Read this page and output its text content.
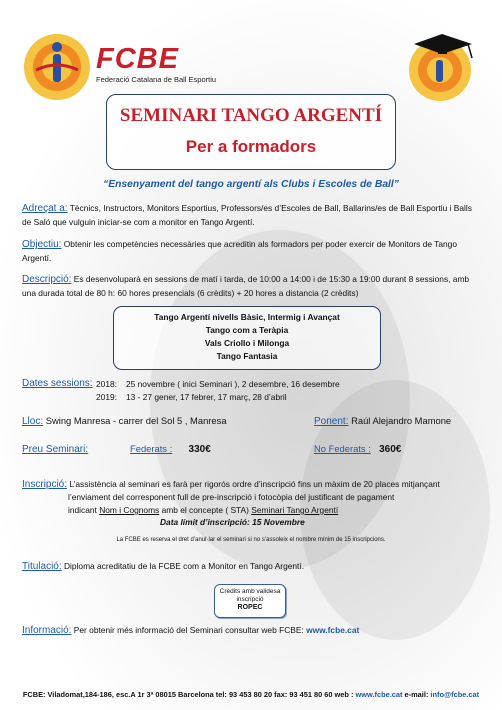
FCBE
Federació Catalana de Ball Esportiu
SEMINARI TANGO ARGENTÍ
Per a formadors
“Ensenyament del tango argentí als Clubs i Escoles de Ball”
Adreçat a: Tècnics, Instructors, Monitors Esportius, Professors/es d’Escoles de Ball, Ballarins/es de Ball Esportiu i Balls de Saló que vulguin iniciar-se com a monitor en Tango Argentí.
Objectiu: Obtenir les competències necessàries que acreditin als formadors per poder exercir de Monitors de Tango Argentí.
Descripció: Es desenvoluparà en sessions de matí i tarda, de 10:00 a 14:00 i de 15:30 a 19:00 durant 8 sessions, amb una durada total de 80 h: 60 hores presencials (6 crèdits) + 20 hores a distancia (2 crèdits)
Tango Argentí nivells Bàsic, Intermig i Avançat
Tango com a Teràpia
Vals Criollo i Milonga
Tango Fantasia
Dates sessions: 2018: 25 novembre ( inici Seminari ), 2 desembre, 16 desembre
2019: 13 - 27 gener, 17 febrer, 17 març, 28 d’abril
Lloc: Swing Manresa - carrer del Sol 5 , Manresa	Ponent: Raúl Alejandro Mamone
Preu Seminari:	Federats : 330€	No Federats : 360€
Inscripció: L’assistència al seminari es farà per rigorós ordre d’inscripció fins un màxim de 20 places mitjançant
l’enviament del corresponent full de pre-inscripció i fotocòpia del justificant de pagament
indicant Nom i Cognoms amb el concepte ( STA) Seminari Tango Argentí
Data límit d’inscripció: 15 Novembre
La FCBE es reserva el dret d’anul·lar el seminari si no s’assoleix el nombre mínim de 15 inscripcions.
Titulació: Diploma acreditatiu de la FCBE com a Monitor en Tango Argentí.
Crèdits amb validesa
inscripció
ROPEC
Informació: Per obtenir més informació del Seminari consultar web FCBE: www.fcbe.cat
FCBE: Viladomat,184-186, esc.A 1r 3ª 08015 Barcelona tel: 93 453 80 20 fax: 93 451 80 60 web : www.fcbe.cat e-mail: info@fcbe.cat
